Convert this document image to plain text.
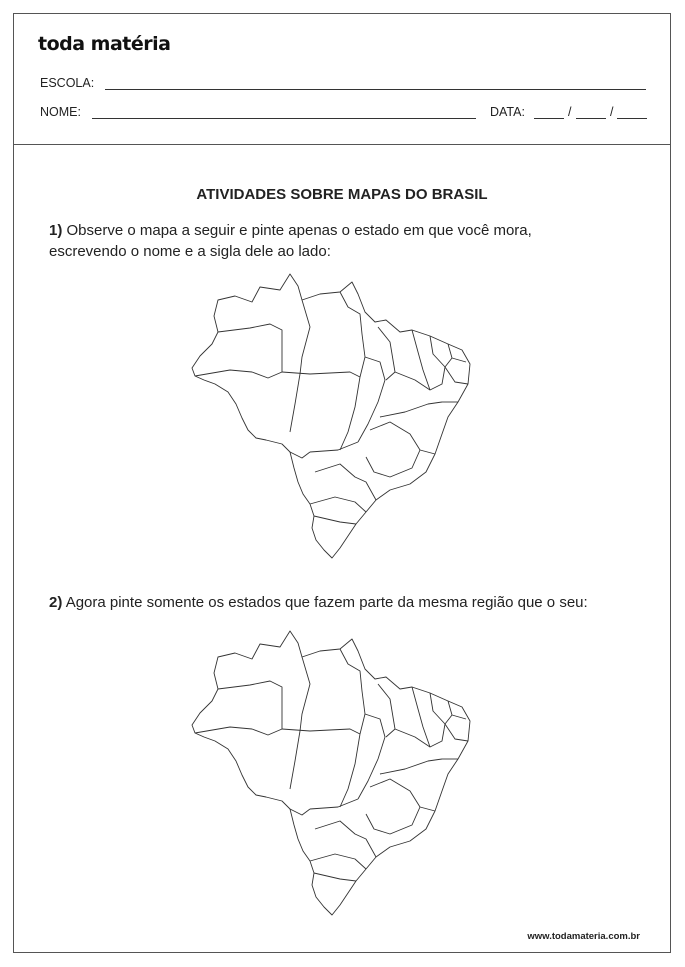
toda matéria
ESCOLA:
NOME:	DATA:	/	/
ATIVIDADES SOBRE MAPAS DO BRASIL
1) Observe o mapa a seguir e pinte apenas o estado em que você mora, escrevendo o nome e a sigla dele ao lado:
2) Agora pinte somente os estados que fazem parte da mesma região que o seu:
www.todamateria.com.br
